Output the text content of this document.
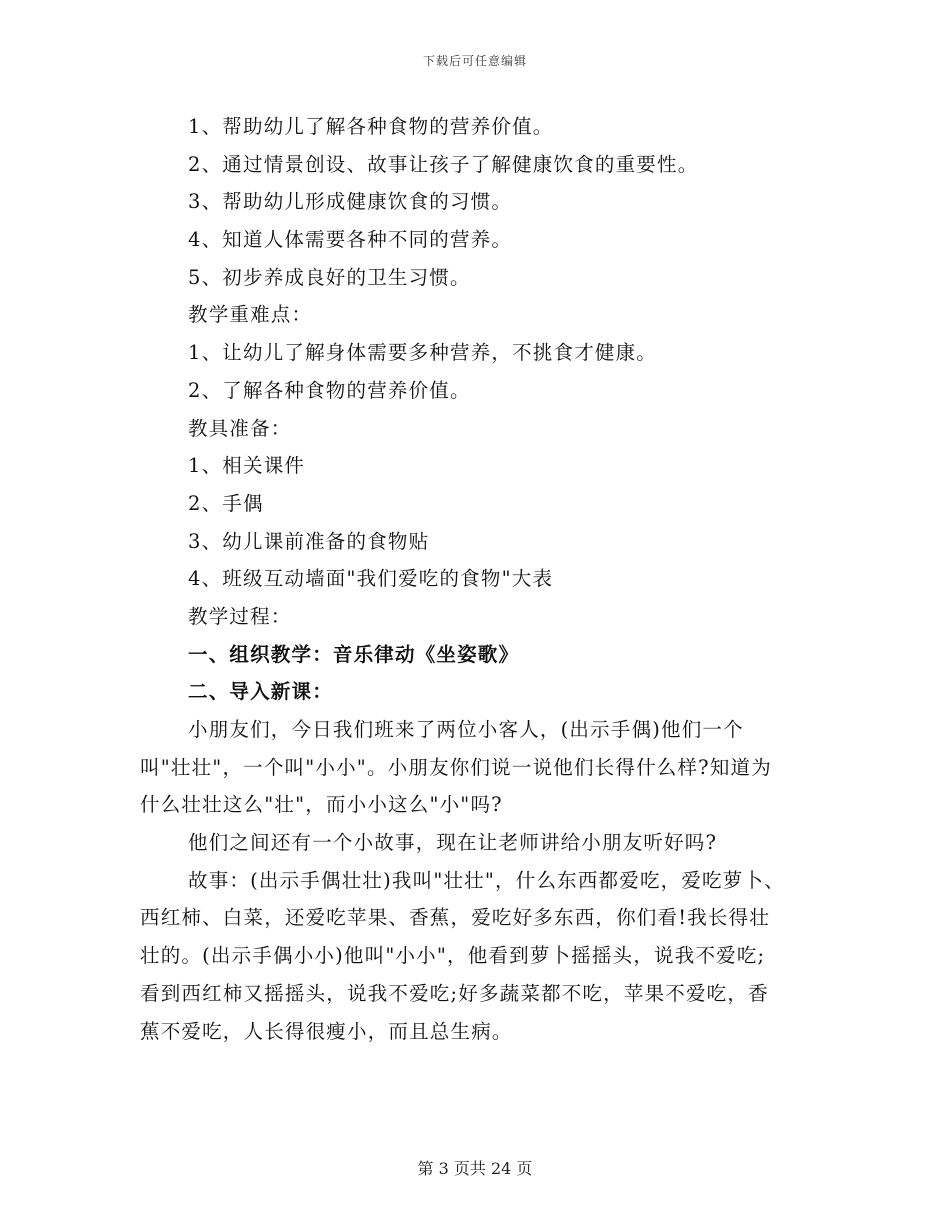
下载后可任意编辑
1、帮助幼儿了解各种食物的营养价值。
2、通过情景创设、故事让孩子了解健康饮食的重要性。
3、帮助幼儿形成健康饮食的习惯。
4、知道人体需要各种不同的营养。
5、初步养成良好的卫生习惯。
教学重难点：
1、让幼儿了解身体需要多种营养，不挑食才健康。
2、了解各种食物的营养价值。
教具准备：
1、相关课件
2、手偶
3、幼儿课前准备的食物贴
4、班级互动墙面"我们爱吃的食物"大表
教学过程：
一、组织教学：音乐律动《坐姿歌》
二、导入新课：
小朋友们，今日我们班来了两位小客人，(出示手偶)他们一个
叫"壮壮"，一个叫"小小"。小朋友你们说一说他们长得什么样?知道为
什么壮壮这么"壮"，而小小这么"小"吗?
他们之间还有一个小故事，现在让老师讲给小朋友听好吗?
故事：(出示手偶壮壮)我叫"壮壮"，什么东西都爱吃，爱吃萝卜、
西红柿、白菜，还爱吃苹果、香蕉，爱吃好多东西，你们看!我长得壮
壮的。(出示手偶小小)他叫"小小"，他看到萝卜摇摇头，说我不爱吃;
看到西红柿又摇摇头，说我不爱吃;好多蔬菜都不吃，苹果不爱吃，香
蕉不爱吃，人长得很瘦小，而且总生病。
第 3 页共 24 页
